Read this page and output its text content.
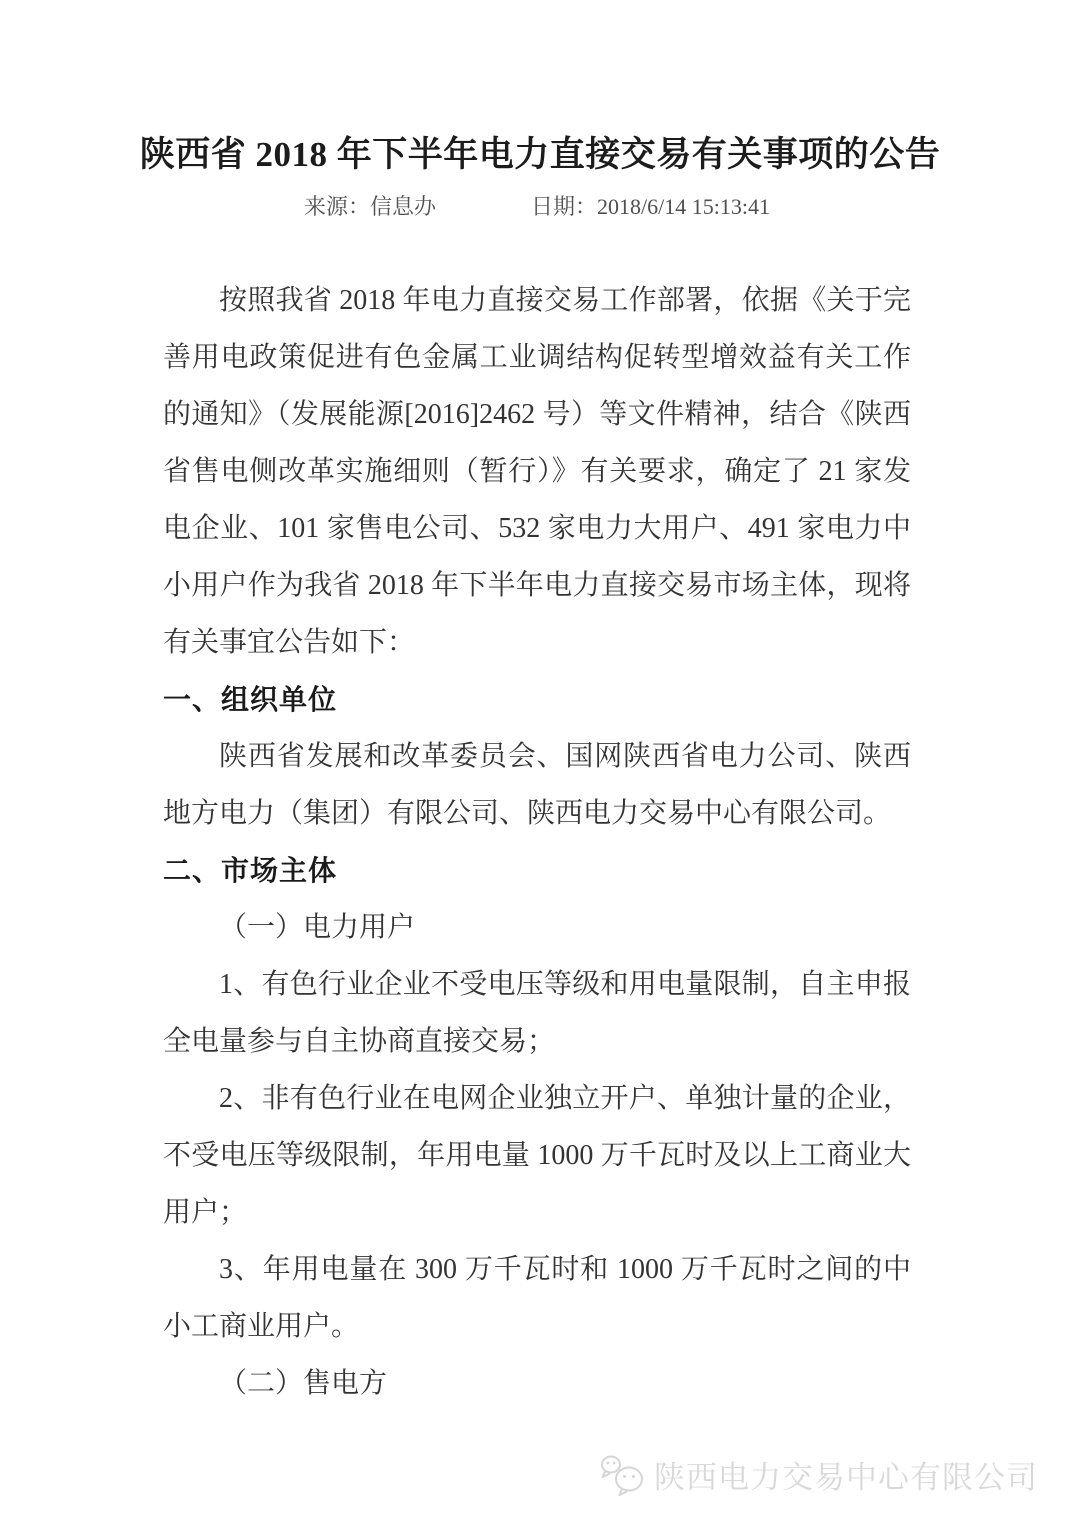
陕西省 2018 年下半年电力直接交易有关事项的公告
来源：信息办	日期：2018/6/14 15:13:41

按照我省 2018 年电力直接交易工作部署，依据《关于完善用电政策促进有色金属工业调结构促转型增效益有关工作的通知》（发展能源[2016]2462 号）等文件精神，结合《陕西省售电侧改革实施细则（暂行）》有关要求，确定了 21 家发电企业、101 家售电公司、532 家电力大用户、491 家电力中小用户作为我省 2018 年下半年电力直接交易市场主体，现将有关事宜公告如下：

一、组织单位

陕西省发展和改革委员会、国网陕西省电力公司、陕西地方电力（集团）有限公司、陕西电力交易中心有限公司。

二、市场主体

（一）电力用户

1、有色行业企业不受电压等级和用电量限制，自主申报全电量参与自主协商直接交易；

2、非有色行业在电网企业独立开户、单独计量的企业，不受电压等级限制，年用电量 1000 万千瓦时及以上工商业大用户；

3、年用电量在 300 万千瓦时和 1000 万千瓦时之间的中小工商业用户。

（二）售电方

陕西电力交易中心有限公司
